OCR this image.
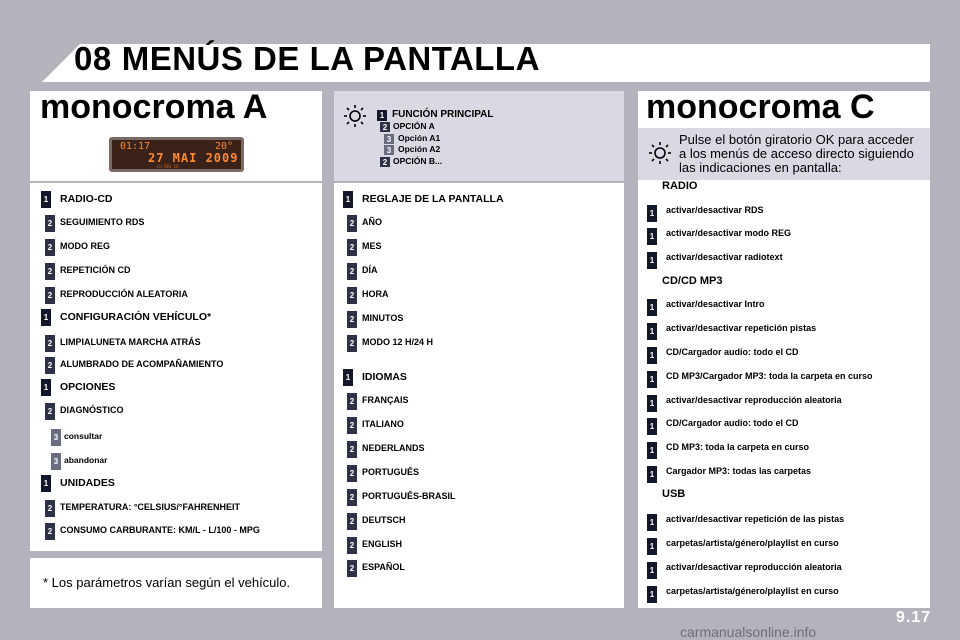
08 MENÚS DE LA PANTALLA
monocroma A	monocroma C
01:17	20°
27 MAI 2009
LU RDS CD
1 FUNCIÓN PRINCIPAL
2 OPCIÓN A
3 Opción A1
3 Opción A2
2 OPCIÓN B...
1 RADIO-CD
2 SEGUIMIENTO RDS
2 MODO REG
2 REPETICIÓN CD
2 REPRODUCCIÓN ALEATORIA
1 CONFIGURACIÓN VEHÍCULO*
2 LIMPIALUNETA MARCHA ATRÁS
2 ALUMBRADO DE ACOMPAÑAMIENTO
1 OPCIONES
2 DIAGNÓSTICO
3 consultar
3 abandonar
1 UNIDADES
2 TEMPERATURA: °CELSIUS/°FAHRENHEIT
2 CONSUMO CARBURANTE: KM/L - L/100 - MPG
1 REGLAJE DE LA PANTALLA
2 AÑO
2 MES
2 DÍA
2 HORA
2 MINUTOS
2 MODO 12 H/24 H
1 IDIOMAS
2 FRANÇAIS
2 ITALIANO
2 NEDERLANDS
2 PORTUGUÊS
2 PORTUGUÊS-BRASIL
2 DEUTSCH
2 ENGLISH
2 ESPAÑOL
RADIO
1	activar/desactivar RDS
1	activar/desactivar modo REG
1	activar/desactivar radiotext
CD/CD MP3
1	activar/desactivar Intro
1	activar/desactivar repetición pistas
1	CD/Cargador audio: todo el CD
1	CD MP3/Cargador MP3: toda la carpeta en curso
1	activar/desactivar reproducción aleatoria
1	CD/Cargador audio: todo el CD
1	CD MP3: toda la carpeta en curso
1	Cargador MP3: todas las carpetas
USB
1	activar/desactivar repetición de las pistas
1	carpetas/artista/género/playlist en curso
1	activar/desactivar reproducción aleatoria
1	carpetas/artista/género/playlist en curso
Pulse el botón giratorio OK para acceder a los menús de acceso directo siguiendo las indicaciones en pantalla:
* Los parámetros varían según el vehículo.
9.17
carmanualsonline.info
